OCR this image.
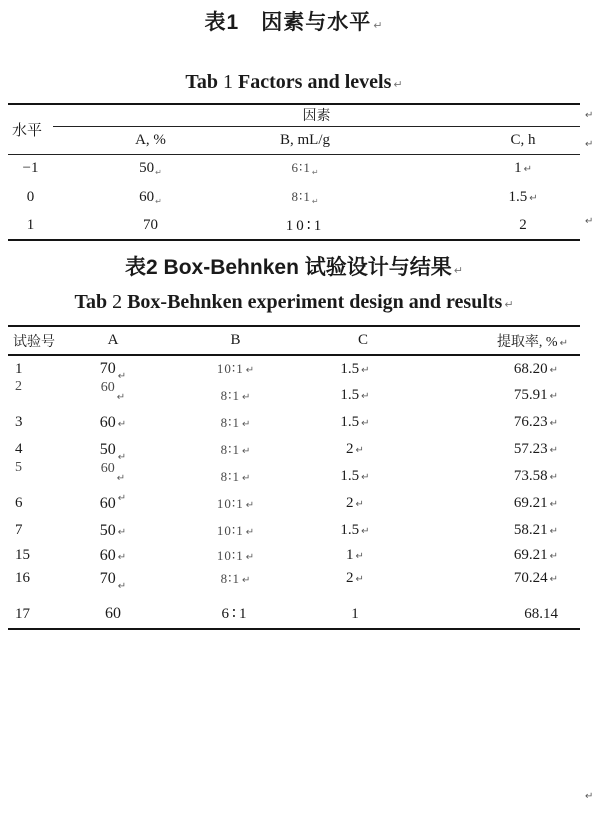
表1　因素与水平 ↵
Tab 1 Factors and levels ↵
水平	因素		
	A, %	B, mL/g	C, h
−1	$50_↵$	$6∶1_↵$	1 ↵
0	$60_↵$	$8∶1_↵$	1.5 ↵
1	70	10∶1	2
表2 Box-Behnken 试验设计与结果 ↵
Tab 2 Box-Behnken experiment design and results ↵
试验号	A	B	C	提取率, % ↵
1	70 $_↵$	10∶1 ↵	1.5 ↵	68.20 ↵
2	60↵	8∶1 ↵	1.5 ↵	75.91 ↵
3	60 ↵	8∶1 ↵	1.5 ↵	76.23 ↵
4	50 $_↵$	8∶1 ↵	2 ↵	57.23 ↵
5	60↵	8∶1 ↵	1.5 ↵	73.58 ↵
6	60 ↵	10∶1 ↵	2 ↵	69.21 ↵
7	50 ↵	10∶1 ↵	1.5 ↵	58.21 ↵
15	60 ↵	10∶1 ↵	1 ↵	69.21 ↵
16	70 $_↵$	8∶1 ↵	2 ↵	70.24 ↵
17	60	6∶1	1	68.14
↵
↵
↵
↵
